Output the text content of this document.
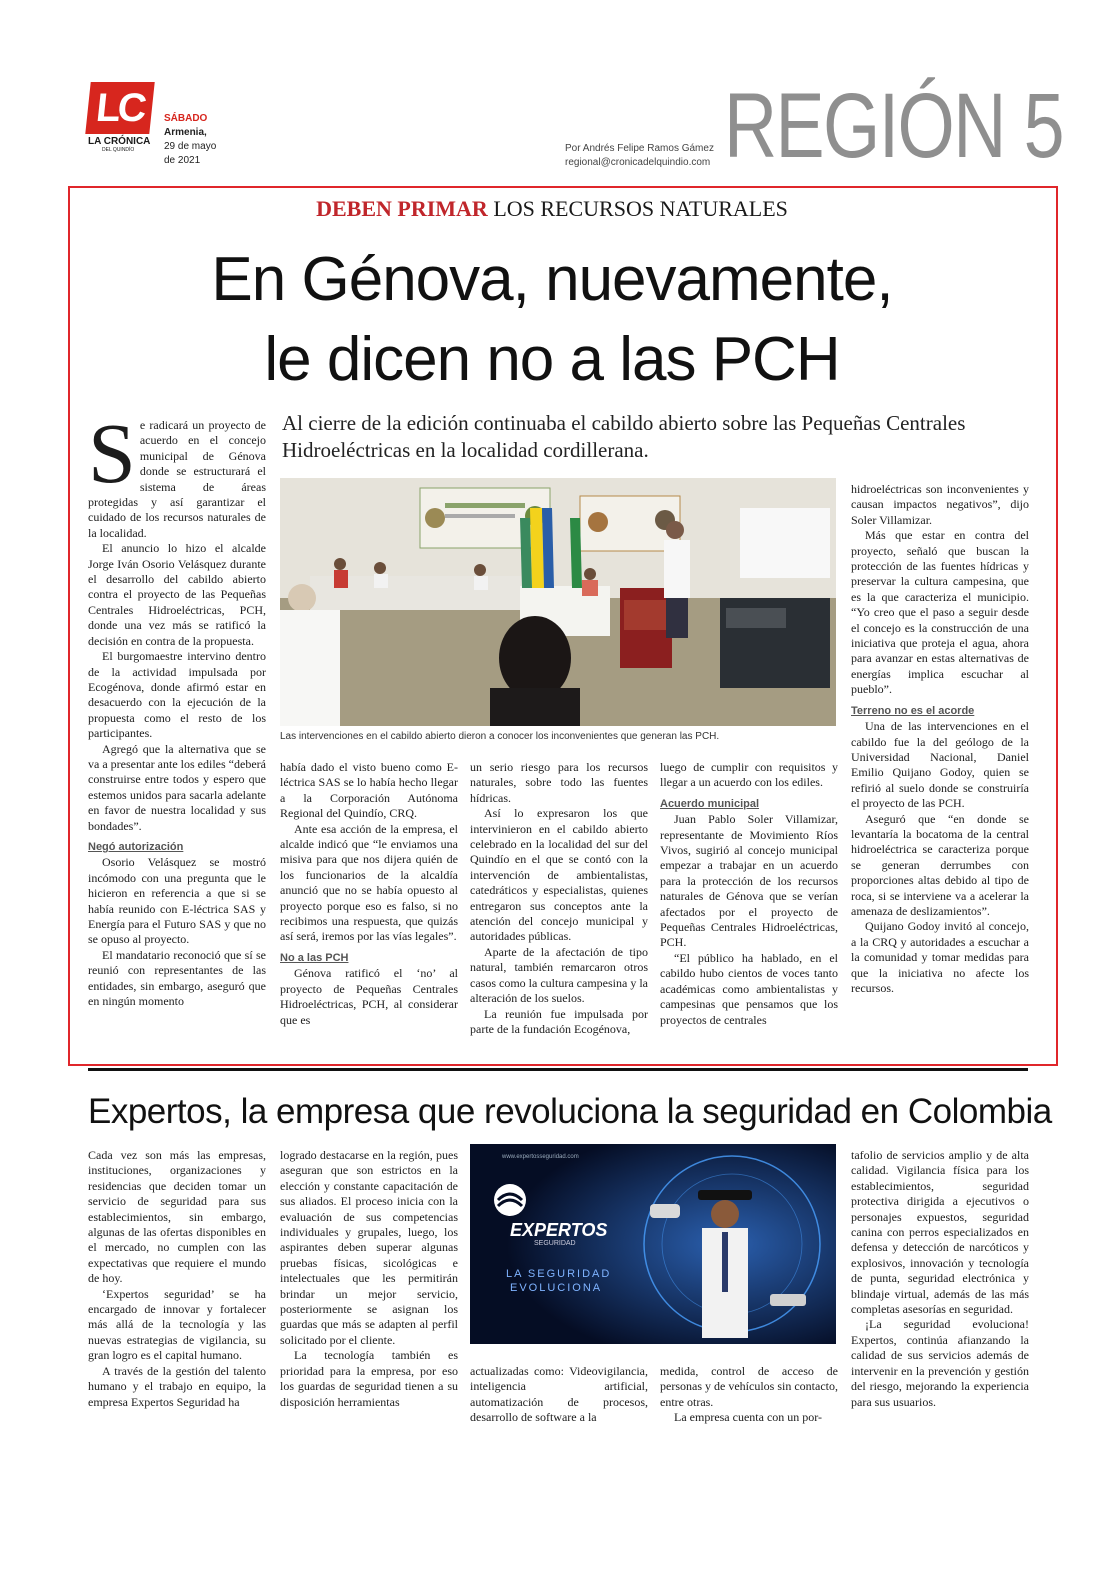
LC
LA CRÓNICA
DEL QUINDÍO
SÁBADO
Armenia,
29 de mayo
de 2021
Por Andrés Felipe Ramos Gámez
regional@cronicadelquindio.com REGIÓN 5
DEBEN PRIMAR LOS RECURSOS NATURALES
En Génova, nuevamente,
le dicen no a las PCH
Al cierre de la edición continuaba el cabildo abierto sobre las Pequeñas Centrales Hidroeléctricas en la localidad cordillerana.

Se radicará un proyecto de acuerdo en el concejo municipal de Génova donde se estructurará el sistema de áreas protegidas y así garantizar el cuidado de los recursos naturales de la localidad.

El anuncio lo hizo el alcalde Jorge Iván Osorio Velásquez durante el desarrollo del cabildo abierto contra el proyecto de las Pequeñas Centrales Hidroeléctricas, PCH, donde una vez más se ratificó la decisión en contra de la propuesta.

El burgomaestre intervino dentro de la actividad impulsada por Ecogénova, donde afirmó estar en desacuerdo con la ejecución de la propuesta como el resto de los participantes.

Agregó que la alternativa que se va a presentar ante los ediles “deberá construirse entre todos y espero que estemos unidos para sacarla adelante en favor de nuestra localidad y sus bondades”.

Negó autorización

Osorio Velásquez se mostró incómodo con una pregunta que le hicieron en referencia a que si se había reunido con E-léctrica SAS y Energía para el Futuro SAS y que no se opuso al proyecto.

El mandatario reconoció que sí se reunió con representantes de las entidades, sin embargo, aseguró que en ningún momento

Las intervenciones en el cabildo abierto dieron a conocer los inconvenientes que generan las PCH.

había dado el visto bueno como E-léctrica SAS se lo había hecho llegar a la Corporación Autónoma Regional del Quindío, CRQ.

Ante esa acción de la empresa, el alcalde indicó que “le enviamos una misiva para que nos dijera quién de los funcionarios de la alcaldía anunció que no se había opuesto al proyecto porque eso es falso, si no recibimos una respuesta, que quizás así será, iremos por las vías legales”.

No a las PCH

Génova ratificó el ‘no’ al proyecto de Pequeñas Centrales Hidroeléctricas, PCH, al considerar que es

un serio riesgo para los recursos naturales, sobre todo las fuentes hídricas.

Así lo expresaron los que intervinieron en el cabildo abierto celebrado en la localidad del sur del Quindío en el que se contó con la intervención de ambientalistas, catedráticos y especialistas, quienes entregaron sus conceptos ante la atención del concejo municipal y autoridades públicas.

Aparte de la afectación de tipo natural, también remarcaron otros casos como la cultura campesina y la alteración de los suelos.

La reunión fue impulsada por parte de la fundación Ecogénova,

luego de cumplir con requisitos y llegar a un acuerdo con los ediles.

Acuerdo municipal

Juan Pablo Soler Villamizar, representante de Movimiento Ríos Vivos, sugirió al concejo municipal empezar a trabajar en un acuerdo para la protección de los recursos naturales de Génova que se verían afectados por el proyecto de Pequeñas Centrales Hidroeléctricas, PCH.

“El público ha hablado, en el cabildo hubo cientos de voces tanto académicas como ambientalistas y campesinas que pensamos que los proyectos de centrales

hidroeléctricas son inconvenientes y causan impactos negativos”, dijo Soler Villamizar.

Más que estar en contra del proyecto, señaló que buscan la protección de las fuentes hídricas y preservar la cultura campesina, que es la que caracteriza el municipio. “Yo creo que el paso a seguir desde el concejo es la construcción de una iniciativa que proteja el agua, ahora para avanzar en estas alternativas de energías implica escuchar al pueblo”.

Terreno no es el acorde

Una de las intervenciones en el cabildo fue la del geólogo de la Universidad Nacional, Daniel Emilio Quijano Godoy, quien se refirió al suelo donde se construiría el proyecto de las PCH.

Aseguró que “en donde se levantaría la bocatoma de la central hidroeléctrica se caracteriza porque se generan derrumbes con proporciones altas debido al tipo de roca, si se interviene va a acelerar la amenaza de deslizamientos”.

Quijano Godoy invitó al concejo, a la CRQ y autoridades a escuchar a la comunidad y tomar medidas para que la iniciativa no afecte los recursos.

Expertos, la empresa que revoluciona la seguridad en Colombia

Cada vez son más las empresas, instituciones, organizaciones y residencias que deciden tomar un servicio de seguridad para sus establecimientos, sin embargo, algunas de las ofertas disponibles en el mercado, no cumplen con las expectativas que requiere el mundo de hoy.

‘Expertos seguridad’ se ha encargado de innovar y fortalecer más allá de la tecnología y las nuevas estrategias de vigilancia, su gran logro es el capital humano.

A través de la gestión del talento humano y el trabajo en equipo, la empresa Expertos Seguridad ha

logrado destacarse en la región, pues aseguran que son estrictos en la elección y constante capacitación de sus aliados. El proceso inicia con la evaluación de sus competencias individuales y grupales, luego, los aspirantes deben superar algunas pruebas físicas, sicológicas e intelectuales que les permitirán brindar un mejor servicio, posteriormente se asignan los guardas que más se adapten al perfil solicitado por el cliente.

La tecnología también es prioridad para la empresa, por eso los guardas de seguridad tienen a su disposición herramientas

www.expertosseguridad.com
EXPERTOS
SEGURIDAD
LA SEGURIDAD
EVOLUCIONA

actualizadas como: Videovigilancia, inteligencia artificial, automatización de procesos, desarrollo de software a la

medida, control de acceso de personas y de vehículos sin contacto, entre otras.

La empresa cuenta con un por-

tafolio de servicios amplio y de alta calidad. Vigilancia física para los establecimientos, seguridad protectiva dirigida a ejecutivos o personajes expuestos, seguridad canina con perros especializados en defensa y detección de narcóticos y explosivos, innovación y tecnología de punta, seguridad electrónica y blindaje virtual, además de las más completas asesorías en seguridad.

¡La seguridad evoluciona! Expertos, continúa afianzando la calidad de sus servicios además de intervenir en la prevención y gestión del riesgo, mejorando la experiencia para sus usuarios.
